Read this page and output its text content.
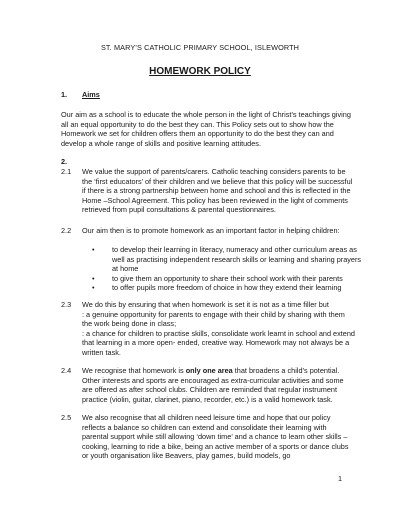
ST. MARY’S CATHOLIC PRIMARY SCHOOL, ISLEWORTH
HOMEWORK POLICY
1. Aims
Our aim as a school is to educate the whole person in the light of Christ’s teachings giving all an equal opportunity to do the best they can. This Policy sets out to show how the Homework we set for children offers them an opportunity to do the best they can and develop a whole range of skills and positive learning attitudes.
2.
2.1 We value the support of parents/carers. Catholic teaching considers parents to be the ‘first educators’ of their children and we believe that this policy will be successful if there is a strong partnership between home and school and this is reflected in the Home –School Agreement. This policy has been reviewed in the light of comments retrieved from pupil consultations & parental questionnaires.
2.2 Our aim then is to promote homework as an important factor in helping children:
• to develop their learning in literacy, numeracy and other curriculum areas as well as practising independent research skills or learning and sharing prayers at home
• to give them an opportunity to share their school work with their parents
• to offer pupils more freedom of choice in how they extend their learning
2.3 We do this by ensuring that when homework is set it is not as a time filler but
: a genuine opportunity for parents to engage with their child by sharing with them the work being done in class;
: a chance for children to practise skills, consolidate work learnt in school and extend that learning in a more open- ended, creative way. Homework may not always be a written task.
2.4 We recognise that homework is only one area that broadens a child’s potential. Other interests and sports are encouraged as extra-curricular activities and some are offered as after school clubs. Children are reminded that regular instrument practice (violin, guitar, clarinet, piano, recorder, etc.) is a valid homework task.
2.5 We also recognise that all children need leisure time and hope that our policy reflects a balance so children can extend and consolidate their learning with parental support while still allowing ‘down time’ and a chance to learn other skills – cooking, learning to ride a bike, being an active member of a sports or dance clubs or youth organisation like Beavers, play games, build models, go
1
